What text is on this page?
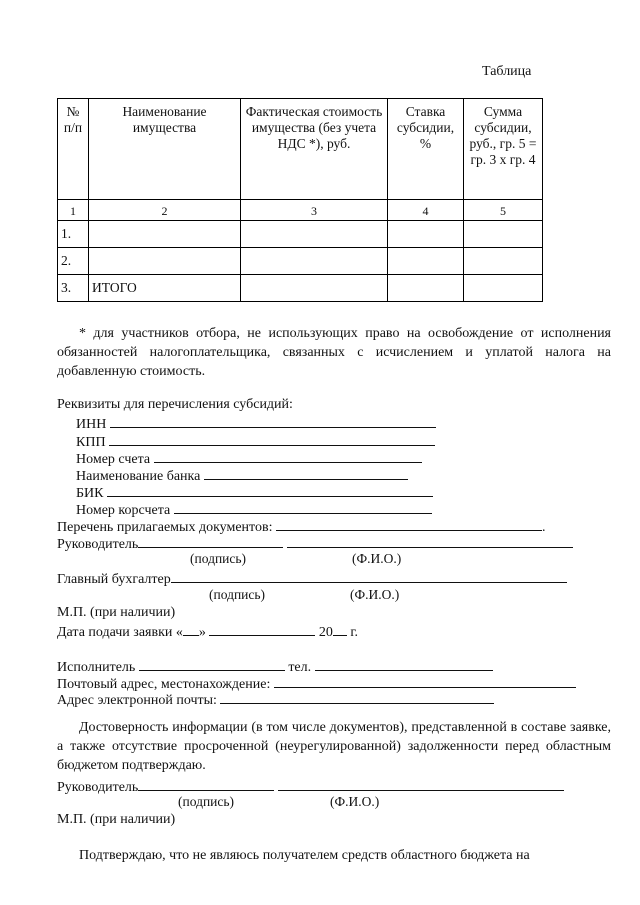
Таблица
№ п/п	Наименование имущества	Фактическая стоимость имущества (без учета НДС *), руб.	Ставка субсидии, %	Сумма субсидии, руб., гр. 5 = гр. 3 x гр. 4
1	2	3	4	5
1.				
2.				
3.	ИТОГО			
* для участников отбора, не использующих право на освобождение от исполнения обязанностей налогоплательщика, связанных с исчислением и уплатой налога на добавленную стоимость.
Реквизиты для перечисления субсидий:
ИНН
КПП
Номер счета
Наименование банка
БИК
Номер корсчета
Перечень прилагаемых документов:	.
Руководитель
(подпись)	(Ф.И.О.)
Главный бухгалтер
(подпись)	(Ф.И.О.)
М.П. (при наличии)
Дата подачи заявки « »	20 г.
Исполнитель	тел.
Почтовый адрес, местонахождение:
Адрес электронной почты:
Достоверность информации (в том числе документов), представленной в составе заявке, а также отсутствие просроченной (неурегулированной) задолженности перед областным бюджетом подтверждаю.
Руководитель
(подпись)	(Ф.И.О.)
М.П. (при наличии)
Подтверждаю, что не являюсь получателем средств областного бюджета на
